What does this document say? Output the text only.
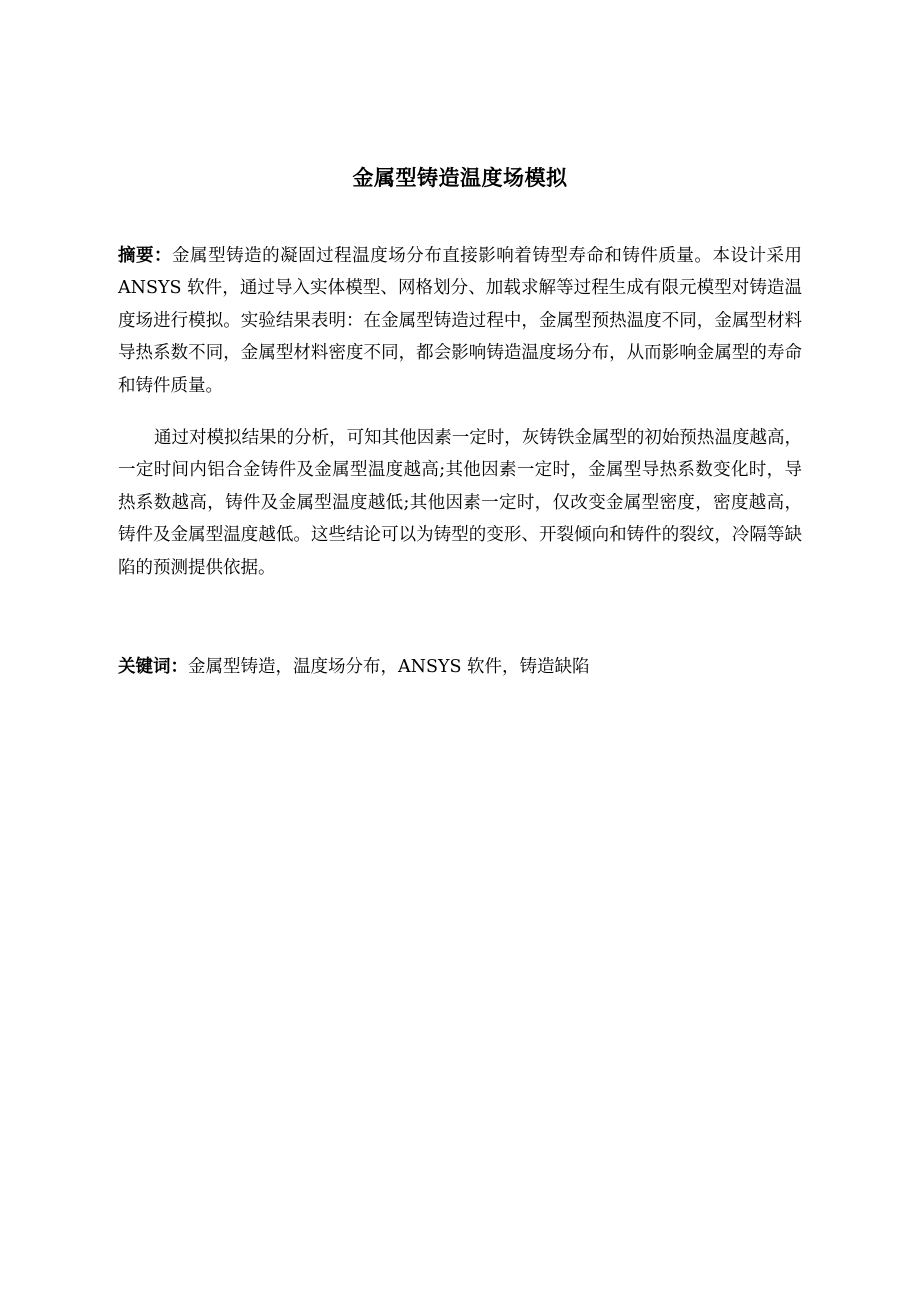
金属型铸造温度场模拟

摘要：金属型铸造的凝固过程温度场分布直接影响着铸型寿命和铸件质量。本设计采用 ANSYS 软件，通过导入实体模型、网格划分、加载求解等过程生成有限元模型对铸造温度场进行模拟。实验结果表明：在金属型铸造过程中，金属型预热温度不同，金属型材料导热系数不同，金属型材料密度不同，都会影响铸造温度场分布，从而影响金属型的寿命和铸件质量。

通过对模拟结果的分析，可知其他因素一定时，灰铸铁金属型的初始预热温度越高，一定时间内铝合金铸件及金属型温度越高;其他因素一定时，金属型导热系数变化时，导热系数越高，铸件及金属型温度越低;其他因素一定时，仅改变金属型密度，密度越高，铸件及金属型温度越低。这些结论可以为铸型的变形、开裂倾向和铸件的裂纹，冷隔等缺陷的预测提供依据。

关键词：金属型铸造，温度场分布，ANSYS 软件，铸造缺陷
